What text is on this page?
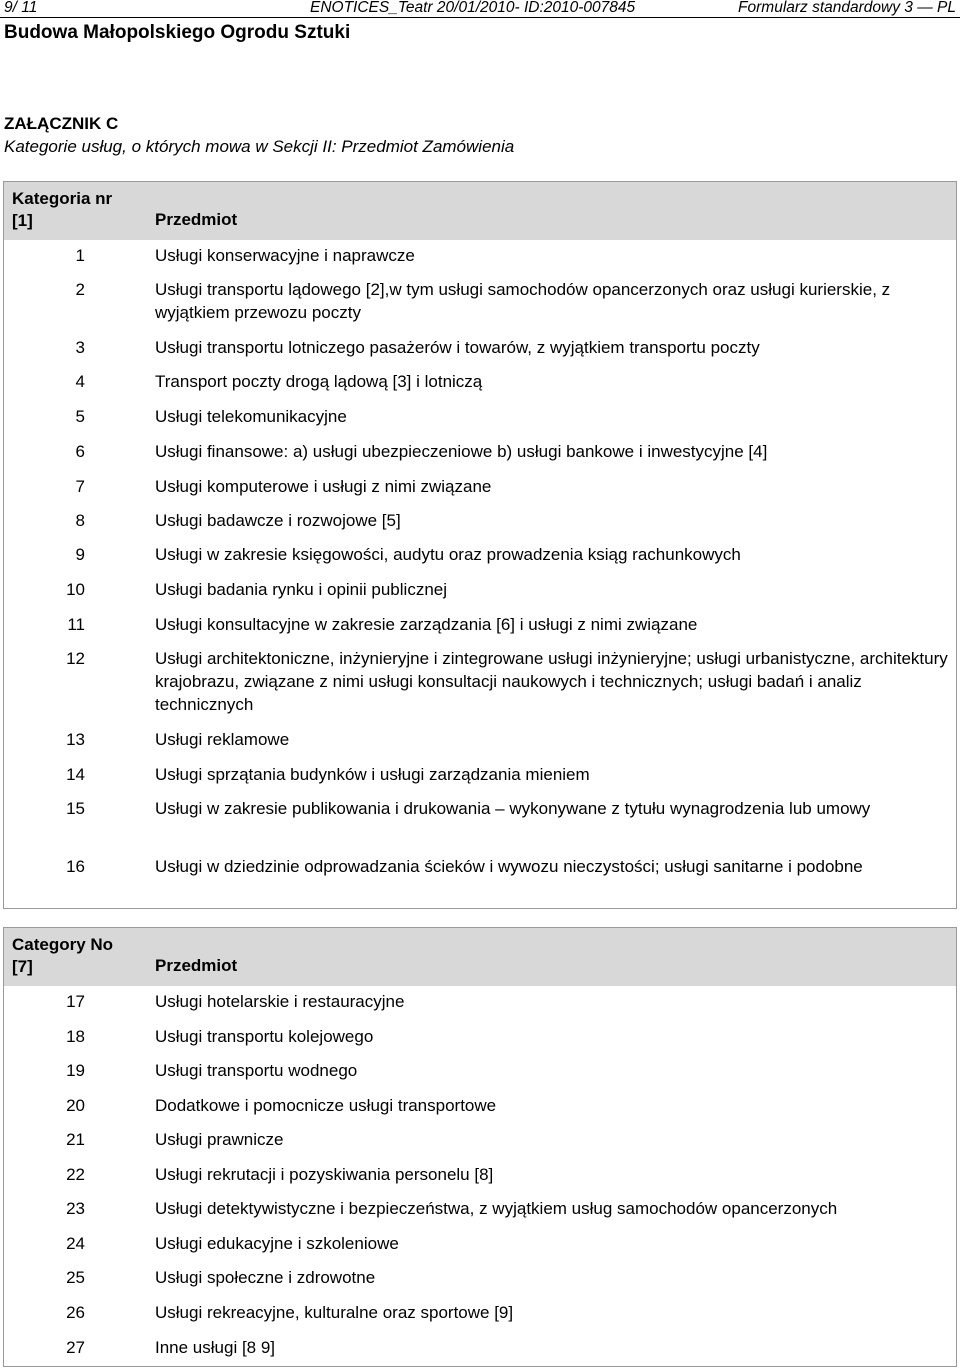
9/ 11	ENOTICES_Teatr 20/01/2010- ID:2010-007845	Formularz standardowy 3 — PL
Budowa Małopolskiego Ogrodu Sztuki
ZAŁĄCZNIK C
Kategorie usług, o których mowa w Sekcji II: Przedmiot Zamówienia
Kategoria nr
[1]	Przedmiot
1	Usługi konserwacyjne i naprawcze
2	Usługi transportu lądowego [2],w tym usługi samochodów opancerzonych oraz usługi kurierskie, z wyjątkiem przewozu poczty
3	Usługi transportu lotniczego pasażerów i towarów, z wyjątkiem transportu poczty
4	Transport poczty drogą lądową [3] i lotniczą
5	Usługi telekomunikacyjne
6	Usługi finansowe: a) usługi ubezpieczeniowe b) usługi bankowe i inwestycyjne [4]
7	Usługi komputerowe i usługi z nimi związane
8	Usługi badawcze i rozwojowe [5]
9	Usługi w zakresie księgowości, audytu oraz prowadzenia ksiąg rachunkowych
10	Usługi badania rynku i opinii publicznej
11	Usługi konsultacyjne w zakresie zarządzania [6] i usługi z nimi związane
12	Usługi architektoniczne, inżynieryjne i zintegrowane usługi inżynieryjne; usługi urbanistyczne, architektury krajobrazu, związane z nimi usługi konsultacji naukowych i technicznych; usługi badań i analiz technicznych
13	Usługi reklamowe
14	Usługi sprzątania budynków i usługi zarządzania mieniem
15	Usługi w zakresie publikowania i drukowania – wykonywane z tytułu wynagrodzenia lub umowy
16	Usługi w dziedzinie odprowadzania ścieków i wywozu nieczystości; usługi sanitarne i podobne
Category No
[7]	Przedmiot
17	Usługi hotelarskie i restauracyjne
18	Usługi transportu kolejowego
19	Usługi transportu wodnego
20	Dodatkowe i pomocnicze usługi transportowe
21	Usługi prawnicze
22	Usługi rekrutacji i pozyskiwania personelu [8]
23	Usługi detektywistyczne i bezpieczeństwa, z wyjątkiem usług samochodów opancerzonych
24	Usługi edukacyjne i szkoleniowe
25	Usługi społeczne i zdrowotne
26	Usługi rekreacyjne, kulturalne oraz sportowe [9]
27	Inne usługi [8 9]
